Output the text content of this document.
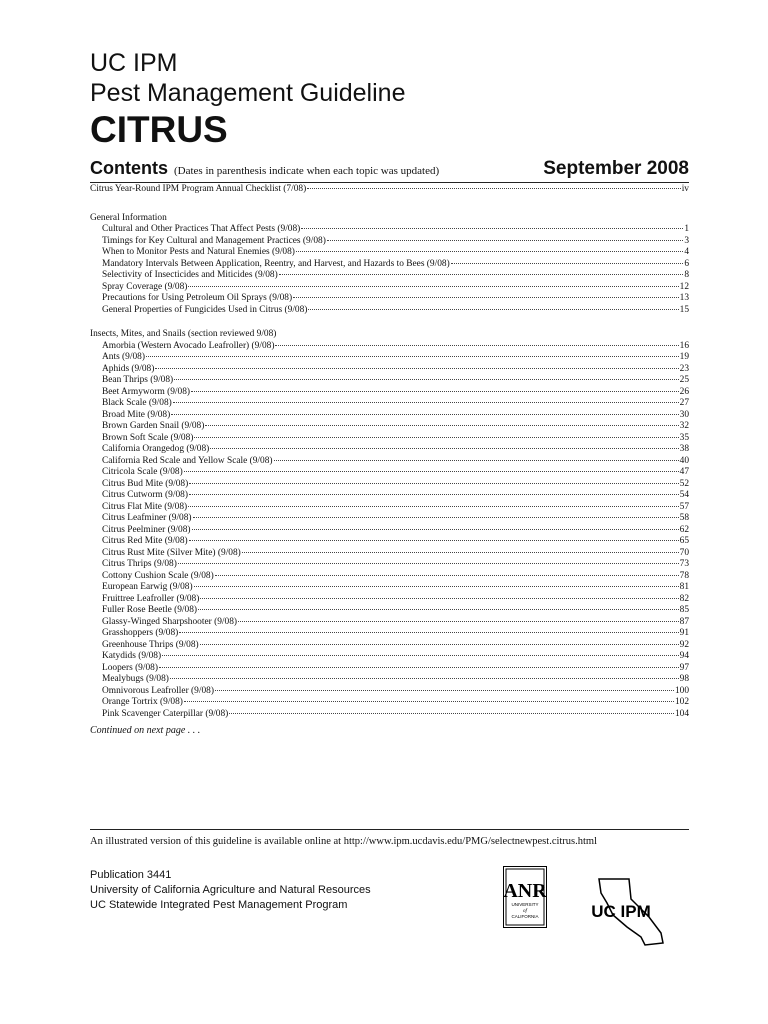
UC IPM
Pest Management Guideline
CITRUS
Contents (Dates in parenthesis indicate when each topic was updated)	September 2008
Citrus Year-Round IPM Program Annual Checklist (7/08)	iv
General Information
Cultural and Other Practices That Affect Pests (9/08)	1
Timings for Key Cultural and Management Practices (9/08)	3
When to Monitor Pests and Natural Enemies (9/08)	4
Mandatory Intervals Between Application, Reentry, and Harvest, and Hazards to Bees (9/08)	6
Selectivity of Insecticides and Miticides (9/08)	8
Spray Coverage (9/08)	12
Precautions for Using Petroleum Oil Sprays (9/08)	13
General Properties of Fungicides Used in Citrus (9/08)	15
Insects, Mites, and Snails (section reviewed 9/08)
Amorbia (Western Avocado Leafroller) (9/08)	16
Ants (9/08)	19
Aphids (9/08)	23
Bean Thrips (9/08)	25
Beet Armyworm (9/08)	26
Black Scale (9/08)	27
Broad Mite (9/08)	30
Brown Garden Snail (9/08)	32
Brown Soft Scale (9/08)	35
California Orangedog (9/08)	38
California Red Scale and Yellow Scale (9/08)	40
Citricola Scale (9/08)	47
Citrus Bud Mite (9/08)	52
Citrus Cutworm (9/08)	54
Citrus Flat Mite (9/08)	57
Citrus Leafminer (9/08)	58
Citrus Peelminer (9/08)	62
Citrus Red Mite (9/08)	65
Citrus Rust Mite (Silver Mite) (9/08)	70
Citrus Thrips (9/08)	73
Cottony Cushion Scale (9/08)	78
European Earwig (9/08)	81
Fruittree Leafroller (9/08)	82
Fuller Rose Beetle (9/08)	85
Glassy-Winged Sharpshooter (9/08)	87
Grasshoppers (9/08)	91
Greenhouse Thrips (9/08)	92
Katydids (9/08)	94
Loopers (9/08)	97
Mealybugs (9/08)	98
Omnivorous Leafroller (9/08)	100
Orange Tortrix (9/08)	102
Pink Scavenger Caterpillar (9/08)	104
Continued on next page . . .
An illustrated version of this guideline is available online at http://www.ipm.ucdavis.edu/PMG/selectnewpest.citrus.html
Publication 3441
University of California Agriculture and Natural Resources
UC Statewide Integrated Pest Management Program
ANR
UNIVERSITY
of
CALIFORNIA	UC IPM
